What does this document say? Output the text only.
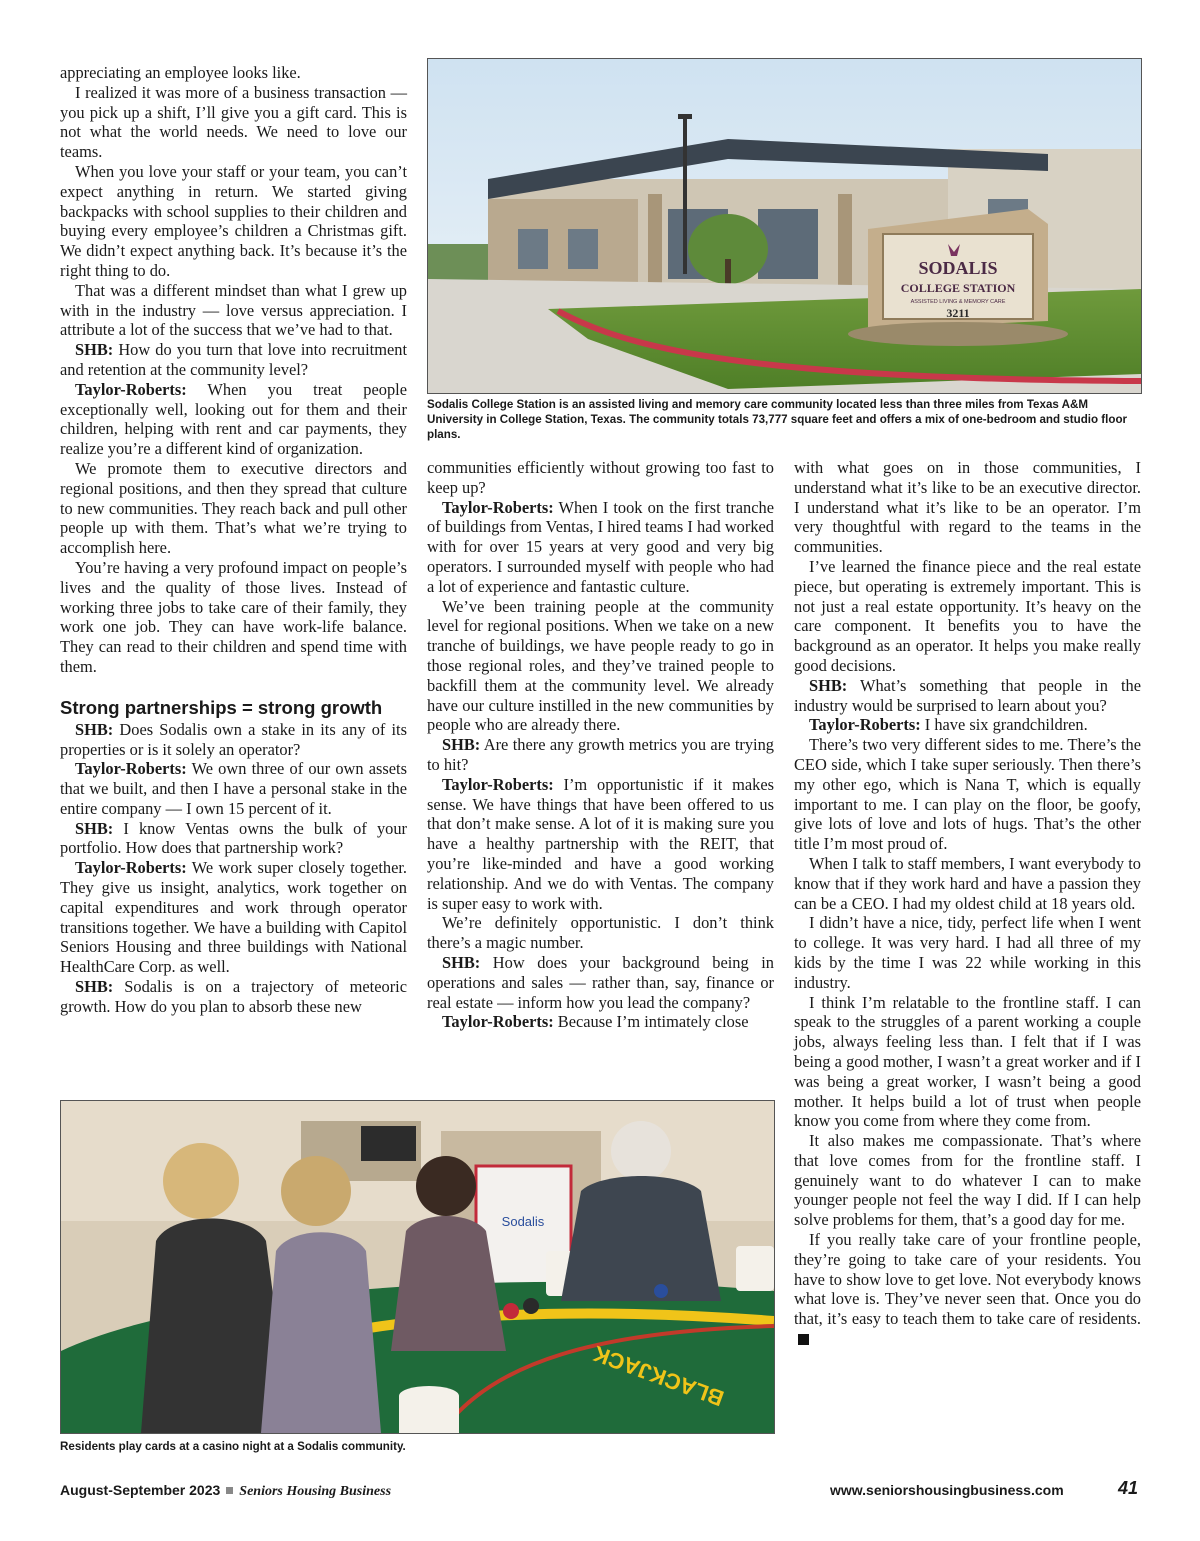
appreciating an employee looks like.

I realized it was more of a business transaction — you pick up a shift, I’ll give you a gift card. This is not what the world needs. We need to love our teams.

When you love your staff or your team, you can’t expect anything in return. We started giving backpacks with school supplies to their children and buying every employee’s children a Christmas gift. We didn’t expect anything back. It’s because it’s the right thing to do.

That was a different mindset than what I grew up with in the industry — love versus appreciation. I attribute a lot of the success that we’ve had to that.

SHB: How do you turn that love into recruitment and retention at the community level?

Taylor-Roberts: When you treat people exceptionally well, looking out for them and their children, helping with rent and car payments, they realize you’re a different kind of organization.

We promote them to executive directors and regional positions, and then they spread that culture to new communities. They reach back and pull other people up with them. That’s what we’re trying to accomplish here.

You’re having a very profound impact on people’s lives and the quality of those lives. Instead of working three jobs to take care of their family, they work one job. They can have work-life balance. They can read to their children and spend time with them.

Strong partnerships = strong growth

SHB: Does Sodalis own a stake in its any of its properties or is it solely an operator?

Taylor-Roberts: We own three of our own assets that we built, and then I have a personal stake in the entire company — I own 15 percent of it.

SHB: I know Ventas owns the bulk of your portfolio. How does that partnership work?

Taylor-Roberts: We work super closely together. They give us insight, analytics, work together on capital expenditures and work through operator transitions together. We have a building with Capitol Seniors Housing and three buildings with National HealthCare Corp. as well.

SHB: Sodalis is on a trajectory of meteoric growth. How do you plan to absorb these new

SODALIS
COLLEGE STATION
ASSISTED LIVING & MEMORY CARE
3211
Sodalis College Station is an assisted living and memory care community located less than three miles from Texas A&M University in College Station, Texas. The community totals 73,777 square feet and offers a mix of one-bedroom and studio floor plans.

communities efficiently without growing too fast to keep up?

Taylor-Roberts: When I took on the first tranche of buildings from Ventas, I hired teams I had worked with for over 15 years at very good and very big operators. I surrounded myself with people who had a lot of experience and fantastic culture.

We’ve been training people at the community level for regional positions. When we take on a new tranche of buildings, we have people ready to go in those regional roles, and they’ve trained people to backfill them at the community level. We already have our culture instilled in the new communities by people who are already there.

SHB: Are there any growth metrics you are trying to hit?

Taylor-Roberts: I’m opportunistic if it makes sense. We have things that have been offered to us that don’t make sense. A lot of it is making sure you have a healthy partnership with the REIT, that you’re like-minded and have a good working relationship. And we do with Ventas. The company is super easy to work with.

We’re definitely opportunistic. I don’t think there’s a magic number.

SHB: How does your background being in operations and sales — rather than, say, finance or real estate — inform how you lead the company?

Taylor-Roberts: Because I’m intimately close

with what goes on in those communities, I understand what it’s like to be an executive director. I understand what it’s like to be an operator. I’m very thoughtful with regard to the teams in the communities.

I’ve learned the finance piece and the real estate piece, but operating is extremely important. This is not just a real estate opportunity. It’s heavy on the care component. It benefits you to have the background as an operator. It helps you make really good decisions.

SHB: What’s something that people in the industry would be surprised to learn about you?

Taylor-Roberts: I have six grandchildren.

There’s two very different sides to me. There’s the CEO side, which I take super seriously. Then there’s my other ego, which is Nana T, which is equally important to me. I can play on the floor, be goofy, give lots of love and lots of hugs. That’s the other title I’m most proud of.

When I talk to staff members, I want everybody to know that if they work hard and have a passion they can be a CEO. I had my oldest child at 18 years old.

I didn’t have a nice, tidy, perfect life when I went to college. It was very hard. I had all three of my kids by the time I was 22 while working in this industry.

I think I’m relatable to the frontline staff. I can speak to the struggles of a parent working a couple jobs, always feeling less than. I felt that if I was being a good mother, I wasn’t a great worker and if I was being a great worker, I wasn’t being a good mother. It helps build a lot of trust when people know you come from where they come from.

It also makes me compassionate. That’s where that love comes from for the frontline staff. I genuinely want to do whatever I can to make younger people not feel the way I did. If I can help solve problems for them, that’s a good day for me.

If you really take care of your frontline people, they’re going to take care of your residents. You have to show love to get love. Not everybody knows what love is. They’ve never seen that. Once you do that, it’s easy to teach them to take care of residents.

Sodalis
BLACKJACK
Residents play cards at a casino night at a Sodalis community.
August-September 2023 Seniors Housing Business	www.seniorshousingbusiness.com	41
